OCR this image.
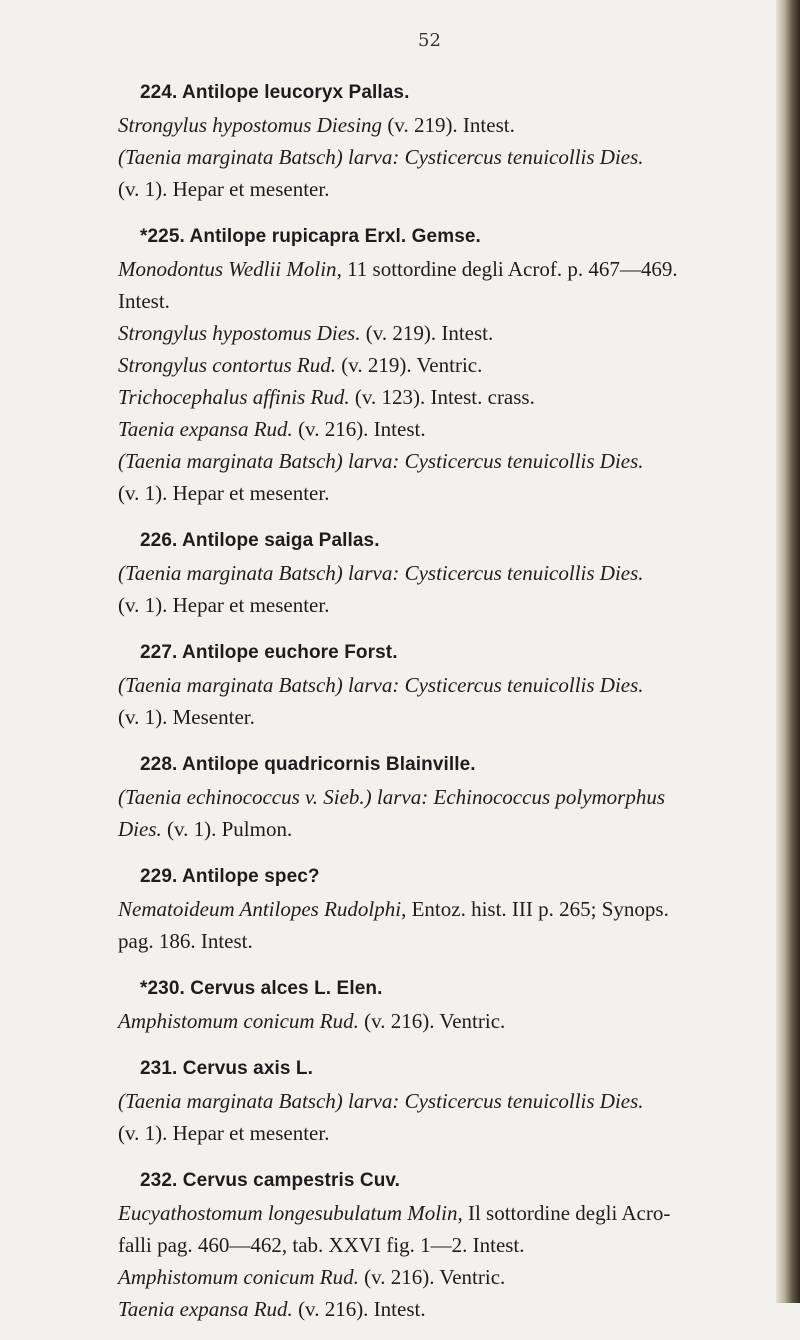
52
224. Antilope leucoryx Pallas.
Strongylus hypostomus Diesing (v. 219). Intest.
(Taenia marginata Batsch) larva: Cysticercus tenuicollis Dies.
(v. 1). Hepar et mesenter.
*225. Antilope rupicapra Erxl. Gemse.
Monodontus Wedlii Molin, 11 sottordine degli Acrof. p. 467—469.
Intest.
Strongylus hypostomus Dies. (v. 219). Intest.
Strongylus contortus Rud. (v. 219). Ventric.
Trichocephalus affinis Rud. (v. 123). Intest. crass.
Taenia expansa Rud. (v. 216). Intest.
(Taenia marginata Batsch) larva: Cysticercus tenuicollis Dies.
(v. 1). Hepar et mesenter.
226. Antilope saiga Pallas.
(Taenia marginata Batsch) larva: Cysticercus tenuicollis Dies.
(v. 1). Hepar et mesenter.
227. Antilope euchore Forst.
(Taenia marginata Batsch) larva: Cysticercus tenuicollis Dies.
(v. 1). Mesenter.
228. Antilope quadricornis Blainville.
(Taenia echinococcus v. Sieb.) larva: Echinococcus polymorphus
Dies. (v. 1). Pulmon.
229. Antilope spec?
Nematoideum Antilopes Rudolphi, Entoz. hist. III p. 265; Synops.
pag. 186. Intest.
*230. Cervus alces L. Elen.
Amphistomum conicum Rud. (v. 216). Ventric.
231. Cervus axis L.
(Taenia marginata Batsch) larva: Cysticercus tenuicollis Dies.
(v. 1). Hepar et mesenter.
232. Cervus campestris Cuv.
Eucyathostomum longesubulatum Molin, Il sottordine degli Acro-
falli pag. 460—462, tab. XXVI fig. 1—2. Intest.
Amphistomum conicum Rud. (v. 216). Ventric.
Taenia expansa Rud. (v. 216). Intest.
